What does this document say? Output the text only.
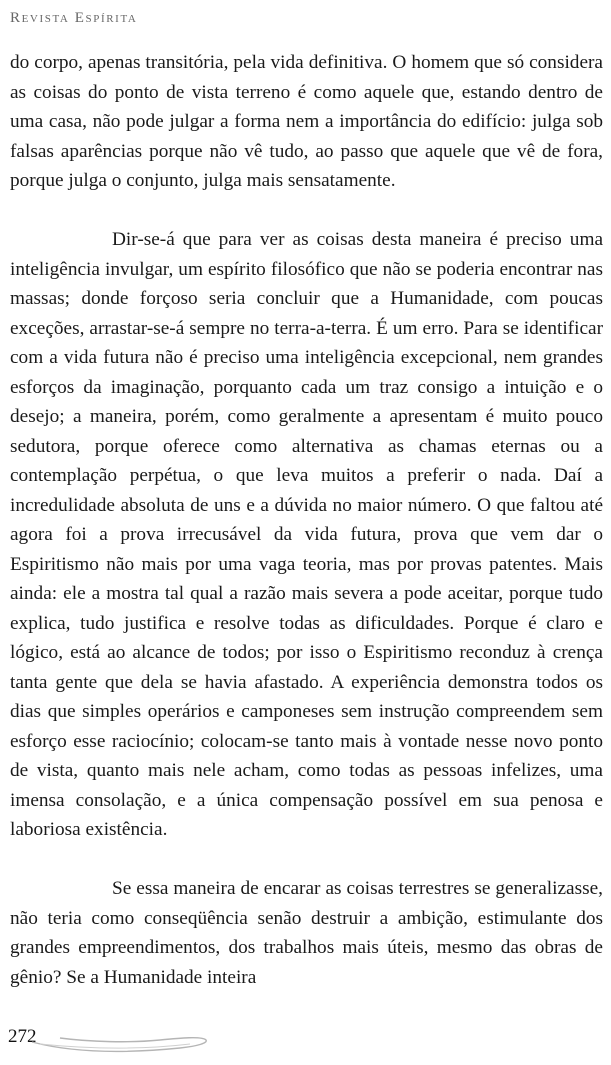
Revista Espírita

do corpo, apenas transitória, pela vida definitiva. O homem que só considera as coisas do ponto de vista terreno é como aquele que, estando dentro de uma casa, não pode julgar a forma nem a importância do edifício: julga sob falsas aparências porque não vê tudo, ao passo que aquele que vê de fora, porque julga o conjunto, julga mais sensatamente.

Dir-se-á que para ver as coisas desta maneira é preciso uma inteligência invulgar, um espírito filosófico que não se poderia encontrar nas massas; donde forçoso seria concluir que a Humanidade, com poucas exceções, arrastar-se-á sempre no terra-a-terra. É um erro. Para se identificar com a vida futura não é preciso uma inteligência excepcional, nem grandes esforços da imaginação, porquanto cada um traz consigo a intuição e o desejo; a maneira, porém, como geralmente a apresentam é muito pouco sedutora, porque oferece como alternativa as chamas eternas ou a contemplação perpétua, o que leva muitos a preferir o nada. Daí a incredulidade absoluta de uns e a dúvida no maior número. O que faltou até agora foi a prova irrecusável da vida futura, prova que vem dar o Espiritismo não mais por uma vaga teoria, mas por provas patentes. Mais ainda: ele a mostra tal qual a razão mais severa a pode aceitar, porque tudo explica, tudo justifica e resolve todas as dificuldades. Porque é claro e lógico, está ao alcance de todos; por isso o Espiritismo reconduz à crença tanta gente que dela se havia afastado. A experiência demonstra todos os dias que simples operários e camponeses sem instrução compreendem sem esforço esse raciocínio; colocam-se tanto mais à vontade nesse novo ponto de vista, quanto mais nele acham, como todas as pessoas infelizes, uma imensa consolação, e a única compensação possível em sua penosa e laboriosa existência.

Se essa maneira de encarar as coisas terrestres se generalizasse, não teria como conseqüência senão destruir a ambição, estimulante dos grandes empreendimentos, dos trabalhos mais úteis, mesmo das obras de gênio? Se a Humanidade inteira

272
